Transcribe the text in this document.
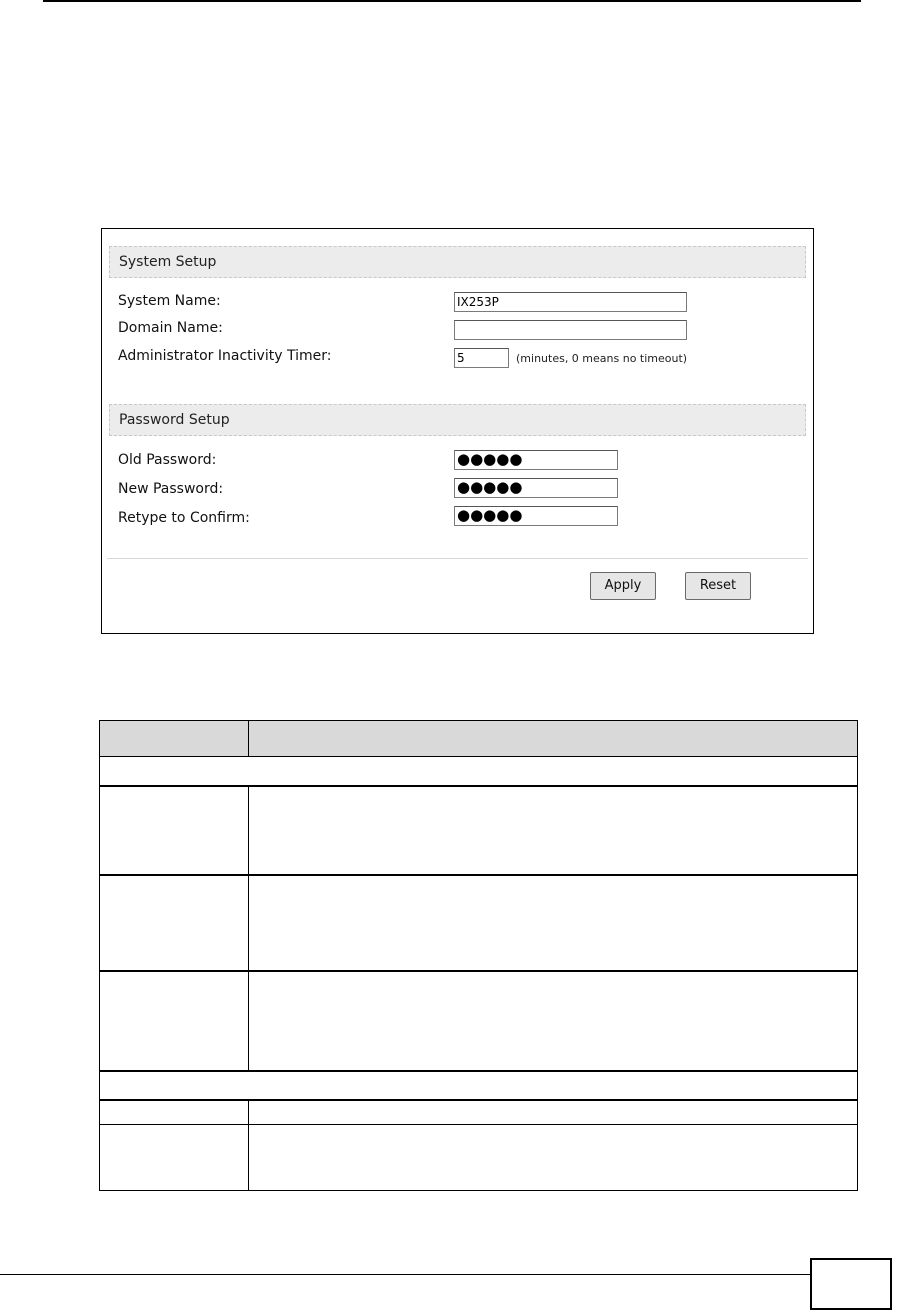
System Setup
System Name:	IX253P
Domain Name:
Administrator Inactivity Timer:	5	(minutes, 0 means no timeout)
Password Setup
Old Password:	●●●●●
New Password:	●●●●●
Retype to Confirm:	●●●●●
Apply	Reset
